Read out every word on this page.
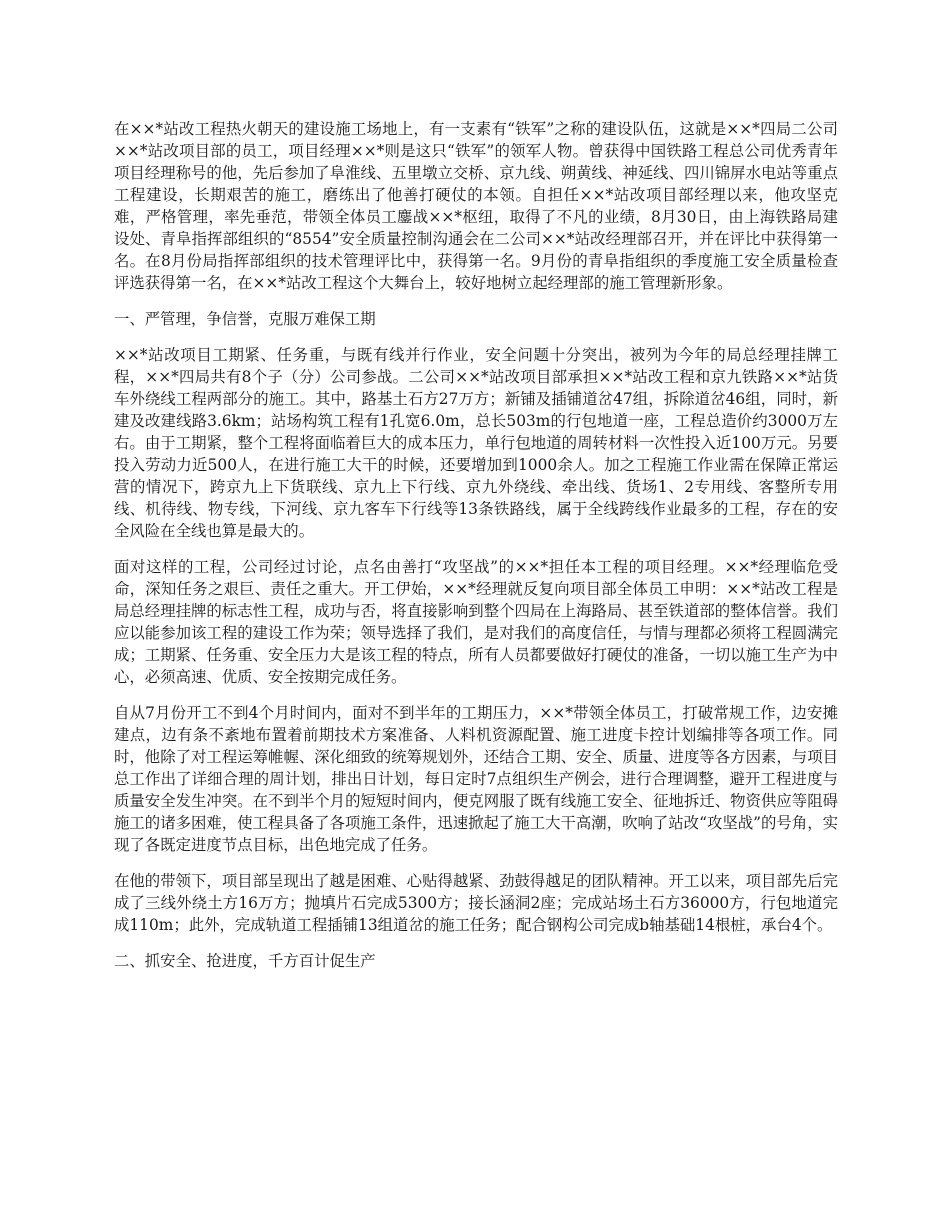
在××*站改工程热火朝天的建设施工场地上，有一支素有“铁军”之称的建设队伍，这就是××*四局二公司××*站改项目部的员工，项目经理××*则是这只“铁军”的领军人物。曾获得中国铁路工程总公司优秀青年项目经理称号的他，先后参加了阜淮线、五里墩立交桥、京九线、朔黄线、神延线、四川锦屏水电站等重点工程建设，长期艰苦的施工，磨练出了他善打硬仗的本领。自担任××*站改项目部经理以来，他攻坚克难，严格管理，率先垂范，带领全体员工鏖战××*枢纽，取得了不凡的业绩，8月30日，由上海铁路局建设处、青阜指挥部组织的“8554”安全质量控制沟通会在二公司××*站改经理部召开，并在评比中获得第一名。在8月份局指挥部组织的技术管理评比中，获得第一名。9月份的青阜指组织的季度施工安全质量检查评选获得第一名，在××*站改工程这个大舞台上，较好地树立起经理部的施工管理新形象。

一、严管理，争信誉，克服万难保工期

××*站改项目工期紧、任务重，与既有线并行作业，安全问题十分突出，被列为今年的局总经理挂牌工程，××*四局共有8个子（分）公司参战。二公司××*站改项目部承担××*站改工程和京九铁路××*站货车外绕线工程两部分的施工。其中，路基土石方27万方；新铺及插铺道岔47组，拆除道岔46组，同时，新建及改建线路3.6km；站场构筑工程有1孔宽6.0m，总长503m的行包地道一座，工程总造价约3000万左右。由于工期紧，整个工程将面临着巨大的成本压力，单行包地道的周转材料一次性投入近100万元。另要投入劳动力近500人，在进行施工大干的时候，还要增加到1000余人。加之工程施工作业需在保障正常运营的情况下，跨京九上下货联线、京九上下行线、京九外绕线、牵出线、货场1、2专用线、客整所专用线、机待线、物专线，下河线、京九客车下行线等13条铁路线，属于全线跨线作业最多的工程，存在的安全风险在全线也算是最大的。

面对这样的工程，公司经过讨论，点名由善打“攻坚战”的××*担任本工程的项目经理。××*经理临危受命，深知任务之艰巨、责任之重大。开工伊始，××*经理就反复向项目部全体员工申明：××*站改工程是局总经理挂牌的标志性工程，成功与否，将直接影响到整个四局在上海路局、甚至铁道部的整体信誉。我们应以能参加该工程的建设工作为荣；领导选择了我们，是对我们的高度信任，与情与理都必须将工程圆满完成；工期紧、任务重、安全压力大是该工程的特点，所有人员都要做好打硬仗的准备，一切以施工生产为中心，必须高速、优质、安全按期完成任务。

自从7月份开工不到4个月时间内，面对不到半年的工期压力，××*带领全体员工，打破常规工作，边安摊建点，边有条不紊地布置着前期技术方案准备、人料机资源配置、施工进度卡控计划编排等各项工作。同时，他除了对工程运筹帷幄、深化细致的统筹规划外，还结合工期、安全、质量、进度等各方因素，与项目总工作出了详细合理的周计划，排出日计划，每日定时7点组织生产例会，进行合理调整，避开工程进度与质量安全发生冲突。在不到半个月的短短时间内，便克网服了既有线施工安全、征地拆迁、物资供应等阻碍施工的诸多困难，使工程具备了各项施工条件，迅速掀起了施工大干高潮，吹响了站改“攻坚战”的号角，实现了各既定进度节点目标，出色地完成了任务。

在他的带领下，项目部呈现出了越是困难、心贴得越紧、劲鼓得越足的团队精神。开工以来，项目部先后完成了三线外绕土方16万方；抛填片石完成5300方；接长涵洞2座；完成站场土石方36000方，行包地道完成110m；此外，完成轨道工程插铺13组道岔的施工任务；配合钢构公司完成b轴基础14根桩，承台4个。

二、抓安全、抢进度，千方百计促生产
